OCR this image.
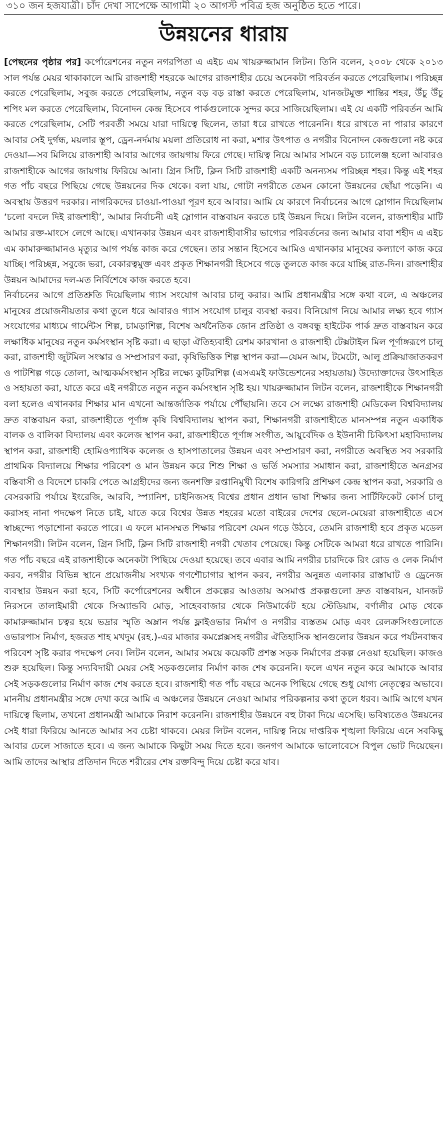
৩১০ জন হজযাত্রী। চাঁদ দেখা সাপেক্ষে আগামী ২০ আগস্ট পবিত্র হজ অনুষ্ঠিত হতে পারে।
উন্নয়নের ধারায়

[পেছনের পৃষ্ঠার পর] কর্পোরেশনের নতুন নগরপিতা এ এইচ এম খায়রুজ্জামান লিটন। তিনি বলেন, ২০০৮ থেকে ২০১৩ সাল পর্যন্ত মেয়র থাকাকালে আমি রাজশাহী শহরকে আগের রাজশাহীর চেয়ে অনেকটা পরিবর্তন করতে পেরেছিলাম। পরিচ্ছন্ন করতে পেরেছিলাম, সবুজ করতে পেরেছিলাম, নতুন বড় বড় রাস্তা করতে পেরেছিলাম, যানজটমুক্ত শান্তির শহর, উঁচু উঁচু শপিং মল করতে পেরেছিলাম, বিনোদন কেন্দ্র হিসেবে পার্কগুলোকে সুন্দর করে সাজিয়েছিলাম। এই যে একটি পরিবর্তন আমি করতে পেরেছিলাম, সেটি পরবর্তী সময়ে যারা দায়িত্বে ছিলেন, তারা ধরে রাখতে পারেননি। ধরে রাখতে না পারার কারণে আবার সেই দুর্গন্ধ, ময়লার স্তূপ, ড্রেন-নর্দমায় ময়লা প্রতিরোধ না করা, মশার উৎপাত ও নগরীর বিনোদন কেন্দ্রগুলো নষ্ট করে দেওয়া—সব মিলিয়ে রাজশাহী আবার আগের জায়গায় ফিরে গেছে। দায়িত্ব নিয়ে আমার সামনে বড় চ্যালেঞ্জ হলো আবারও রাজশাহীকে আগের জায়গায় ফিরিয়ে আনা। গ্রিন সিটি, ক্লিন সিটি রাজশাহী একটি অনন্যসম পরিচ্ছন্ন শহর। কিন্তু এই শহর গত পাঁচ বছরে পিছিয়ে গেছে উন্নয়নের দিক থেকে। বলা যায়, গোটা নগরীতে তেমন কোনো উন্নয়নের ছোঁয়া পড়েনি। এ অবস্থায় উত্তরণ দরকার। নাগরিকদের চাওয়া-পাওয়া পূরণ হবে আবার। আমি যে কারণে নির্বাচনের আগে স্লোগান দিয়েছিলাম ‘চলো বদলে দিই রাজশাহী’, আমার নির্বাচনী এই স্লোগান বাস্তবায়ন করতে চাই উন্নয়ন দিয়ে। লিটন বলেন, রাজশাহীর মাটি আমার রক্ত-মাংসে লেগে আছে। এখানকার উন্নয়ন এবং রাজশাহীবাসীর ভাগ্যের পরিবর্তনের জন্য আমার বাবা শহীদ এ এইচ এম কামারুজ্জামানও মৃত্যুর আগ পর্যন্ত কাজ করে গেছেন। তার সন্তান হিসেবে আমিও এখানকার মানুষের কল্যাণে কাজ করে যাচ্ছি। পরিচ্ছন্ন, সবুজে ভরা, বেকারত্বমুক্ত এবং প্রকৃত শিক্ষানগরী হিসেবে গড়ে তুলতে কাজ করে যাচ্ছি রাত-দিন। রাজশাহীর উন্নয়ন আমাদের দল-মত নির্বিশেষে কাজ করতে হবে।

নির্বাচনের আগে প্রতিশ্রুতি দিয়েছিলাম গ্যাস সংযোগ আবার চালু করার। আমি প্রধানমন্ত্রীর সঙ্গে কথা বলে, এ অঞ্চলের মানুষের প্রয়োজনীয়তার কথা তুলে ধরে আবারও গ্যাস সংযোগ চালুর ব্যবস্থা করব। বিনিয়োগ নিয়ে আমার লক্ষ্য হবে গ্যাস সংযোগের মাধ্যমে গার্মেন্টস শিল্প, চামড়াশিল্প, বিশেষ অর্থনৈতিক জোন প্রতিষ্ঠা ও বঙ্গবন্ধু হাইটেক পার্ক দ্রুত বাস্তবায়ন করে লক্ষাধিক মানুষের নতুন কর্মসংস্থান সৃষ্টি করা। এ ছাড়া ঐতিহ্যবাহী রেশম কারখানা ও রাজশাহী টেক্সটাইল মিল পূর্ণাঙ্গরূপে চালু করা, রাজশাহী জুটমিল সংস্কার ও সম্প্রসারণ করা, কৃষিভিত্তিক শিল্প স্থাপন করা—যেমন আম, টমেটো, আলু প্রক্রিয়াজাতকরণ ও পাটশিল্প গড়ে তোলা, আত্মকর্মসংস্থান সৃষ্টির লক্ষ্যে কুটিরশিল্প (এসএমই ফাউন্ডেশনের সহায়তায়) উদ্যোক্তাদের উৎসাহিত ও সহায়তা করা, যাতে করে এই নগরীতে নতুন নতুন কর্মসংস্থান সৃষ্টি হয়। খায়রুজ্জামান লিটন বলেন, রাজশাহীকে শিক্ষানগরী বলা হলেও এখানকার শিক্ষার মান এখনো আন্তর্জাতিক পর্যায়ে পৌঁছায়নি। তবে সে লক্ষ্যে রাজশাহী মেডিকেল বিশ্ববিদ্যালয় দ্রুত বাস্তবায়ন করা, রাজশাহীতে পূর্ণাঙ্গ কৃষি বিশ্ববিদ্যালয় স্থাপন করা, শিক্ষানগরী রাজশাহীতে মানসম্পন্ন নতুন একাধিক বালক ও বালিকা বিদ্যালয় এবং কলেজ স্থাপন করা, রাজশাহীতে পূর্ণাঙ্গ সংগীত, আয়ুর্বেদিক ও ইউনানী চিকিৎসা মহাবিদ্যালয় স্থাপন করা, রাজশাহী হোমিওপ্যাথিক কলেজ ও হাসপাতালের উন্নয়ন এবং সম্প্রসারণ করা, নগরীতে অবস্থিত সব সরকারি প্রাথমিক বিদ্যালয়ে শিক্ষার পরিবেশ ও মান উন্নয়ন করে শিশু শিক্ষা ও ভর্তি সমস্যার সমাধান করা, রাজশাহীতে অনগ্রসর বস্তিবাসী ও বিদেশে চাকরি পেতে আগ্রহীদের জন্য জনশক্তি রপ্তানিমুখী বিশেষ কারিগরি প্রশিক্ষণ কেন্দ্র স্থাপন করা, সরকারি ও বেসরকারি পর্যায়ে ইংরেজি, আরবি, স্প্যানিশ, চাইনিজসহ বিশ্বের প্রধান প্রধান ভাষা শিক্ষার জন্য সার্টিফিকেট কোর্স চালু করাসহ নানা পদক্ষেপ নিতে চাই, যাতে করে বিশ্বের উন্নত শহরের মতো বাইরের দেশের ছেলে-মেয়েরা রাজশাহীতে এসে স্বাচ্ছন্দ্যে পড়াশোনা করতে পারে। এ ফলে মানসম্মত শিক্ষার পরিবেশ যেমন গড়ে উঠবে, তেমনি রাজশাহী হবে প্রকৃত মডেল শিক্ষানগরী। লিটন বলেন, গ্রিন সিটি, ক্লিন সিটি রাজশাহী নগরী খেতাব পেয়েছে। কিন্তু সেটিকে আমরা ধরে রাখতে পারিনি। গত পাঁচ বছরে এই রাজশাহীকে অনেকটা পিছিয়ে দেওয়া হয়েছে। তবে এবার আমি নগরীর চারদিকে রিং রোড ও লেক নির্মাণ করব, নগরীর বিভিন্ন স্থানে প্রয়োজনীয় সংখ্যক গণশৌচাগার স্থাপন করব, নগরীর অনুন্নত এলাকার রাস্তাঘাট ও ড্রেনেজ ব্যবস্থার উন্নয়ন করা হবে, সিটি কর্পোরেশনের অধীনে প্রকল্পের আওতায় অসমাপ্ত প্রকল্পগুলো দ্রুত বাস্তবায়ন, যানজট নিরসনে তালাইমারী থেকে সিঅ্যান্ডবি মোড়, সাহেববাজার থেকে নিউমার্কেট হয়ে স্টেডিয়াম, বর্ণালীর মোড় থেকে কামারুজ্জামান চত্বর হয়ে ভদ্রার স্মৃতি অম্লান পর্যন্ত ফ্লাইওভার নির্মাণ ও নগরীর ব্যস্ততম মোড় এবং রেলক্রসিংগুলোতে ওভারপাস নির্মাণ, হজরত শাহ মখদুম (রহ.)-এর মাজার কমপ্লেক্সসহ নগরীর ঐতিহাসিক স্থানগুলোর উন্নয়ন করে পর্যটনবান্ধব পরিবেশ সৃষ্টি করার পদক্ষেপ নেব। লিটন বলেন, আমার সময়ে কয়েকটি প্রশস্ত সড়ক নির্মাণের প্রকল্প নেওয়া হয়েছিল। কাজও শুরু হয়েছিল। কিন্তু সদ্যবিদায়ী মেয়র সেই সড়কগুলোর নির্মাণ কাজ শেষ করেননি। ফলে এখন নতুন করে আমাকে আবার সেই সড়কগুলোর নির্মাণ কাজ শেষ করতে হবে। রাজশাহী গত পাঁচ বছরে অনেক পিছিয়ে গেছে শুধু যোগ্য নেতৃত্বের অভাবে। মাননীয় প্রধানমন্ত্রীর সঙ্গে দেখা করে আমি এ অঞ্চলের উন্নয়নে নেওয়া আমার পরিকল্পনার কথা তুলে ধরব। আমি আগে যখন দায়িত্বে ছিলাম, তখনো প্রধানমন্ত্রী আমাকে নিরাশ করেননি। রাজশাহীর উন্নয়নে বহু টাকা দিয়ে এসেছি। ভবিষ্যতেও উন্নয়নের সেই ধারা ফিরিয়ে আনতে আমার সব চেষ্টা থাকবে। মেয়র লিটন বলেন, দায়িত্ব নিয়ে দাপ্তরিক শৃঙ্খলা ফিরিয়ে এনে সবকিছু আবার ঢেলে সাজাতে হবে। এ জন্য আমাকে কিছুটা সময় দিতে হবে। জনগণ আমাকে ভালোবেসে বিপুল ভোট দিয়েছেন। আমি তাদের আস্থার প্রতিদান দিতে শরীরের শেষ রক্তবিন্দু দিয়ে চেষ্টা করে যাব।
